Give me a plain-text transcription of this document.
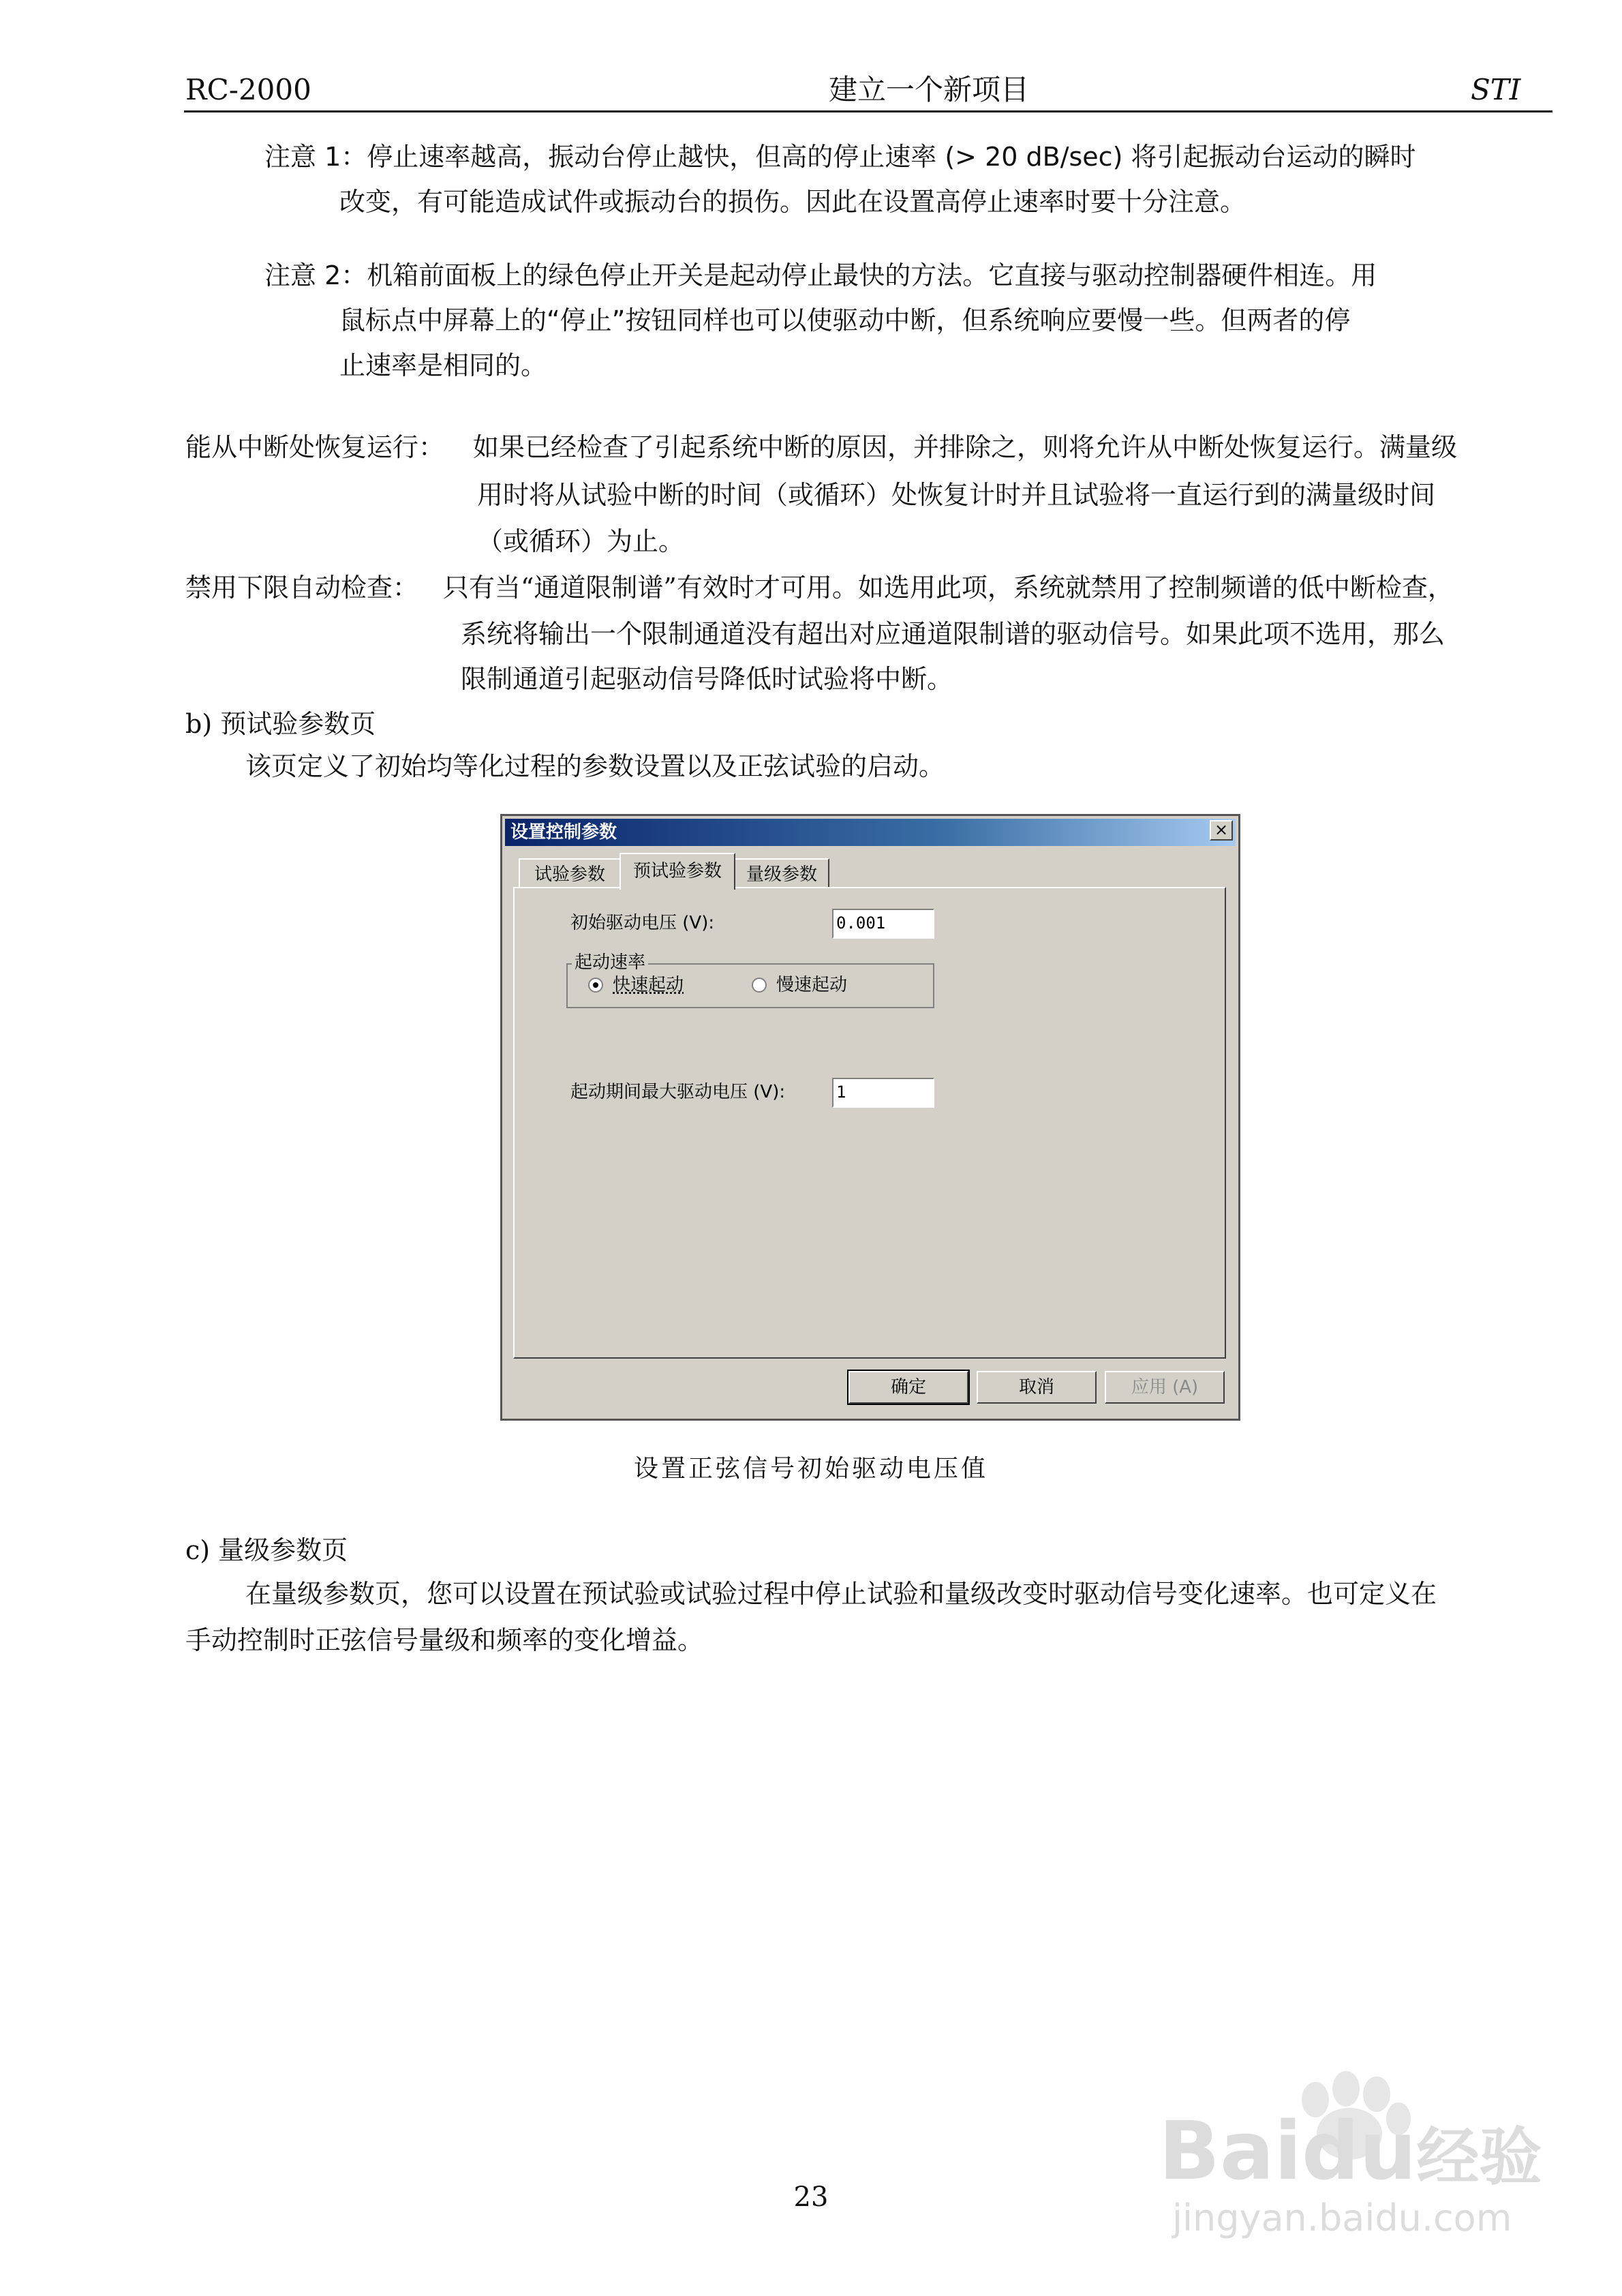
RC-2000	建立一个新项目	STI
注意 1：停止速率越高，振动台停止越快，但高的停止速率 (> 20 dB/sec) 将引起振动台运动的瞬时
改变，有可能造成试件或振动台的损伤。因此在设置高停止速率时要十分注意。
注意 2：机箱前面板上的绿色停止开关是起动停止最快的方法。它直接与驱动控制器硬件相连。用
鼠标点中屏幕上的“停止”按钮同样也可以使驱动中断，但系统响应要慢一些。但两者的停
止速率是相同的。
能从中断处恢复运行： 如果已经检查了引起系统中断的原因，并排除之，则将允许从中断处恢复运行。满量级
用时将从试验中断的时间（或循环）处恢复计时并且试验将一直运行到的满量级时间
（或循环）为止。
禁用下限自动检查： 只有当“通道限制谱”有效时才可用。如选用此项，系统就禁用了控制频谱的低中断检查，
系统将输出一个限制通道没有超出对应通道限制谱的驱动信号。如果此项不选用，那么
限制通道引起驱动信号降低时试验将中断。
b) 预试验参数页
该页定义了初始均等化过程的参数设置以及正弦试验的启动。
设置控制参数	×
试验参数	预试验参数	量级参数
初始驱动电压 (V):	0.001
起动速率
快速起动	慢速起动
起动期间最大驱动电压 (V):	1
确定	取消	应用 (A)
设置正弦信号初始驱动电压值
c) 量级参数页
在量级参数页，您可以设置在预试验或试验过程中停止试验和量级改变时驱动信号变化速率。也可定义在
手动控制时正弦信号量级和频率的变化增益。
23	Baidu经验
jingyan.baidu.com
